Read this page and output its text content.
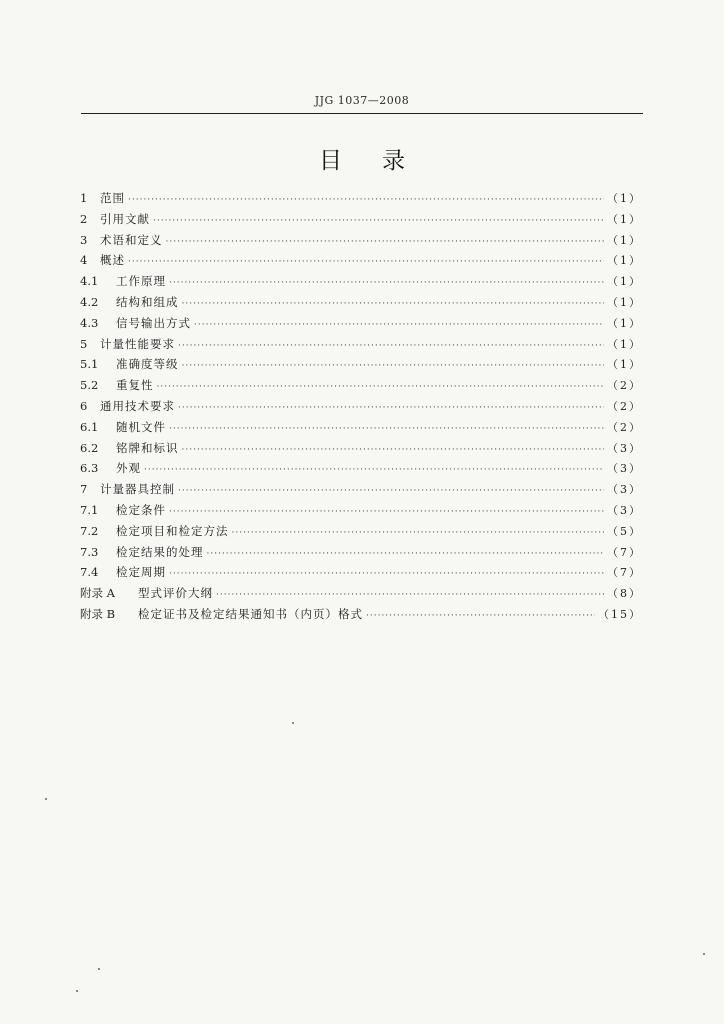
JJG 1037—2008
目录
1	范围 ·····	（1）
2	引用文献 ·····	（1）
3	术语和定义 ·····	（1）
4	概述 ·····	（1）
4.1	工作原理 ·····	（1）
4.2	结构和组成 ·····	（1）
4.3	信号输出方式 ·····	（1）
5	计量性能要求 ·····	（1）
5.1	准确度等级 ·····	（1）
5.2	重复性 ·····	（2）
6	通用技术要求 ·····	（2）
6.1	随机文件 ·····	（2）
6.2	铭牌和标识 ·····	（3）
6.3	外观 ·····	（3）
7	计量器具控制 ·····	（3）
7.1	检定条件 ·····	（3）
7.2	检定项目和检定方法 ·····	（5）
7.3	检定结果的处理 ·····	（7）
7.4	检定周期 ·····	（7）
附录 A	型式评价大纲 ·····	（8）
附录 B	检定证书及检定结果通知书（内页）格式 ·····	（15）
